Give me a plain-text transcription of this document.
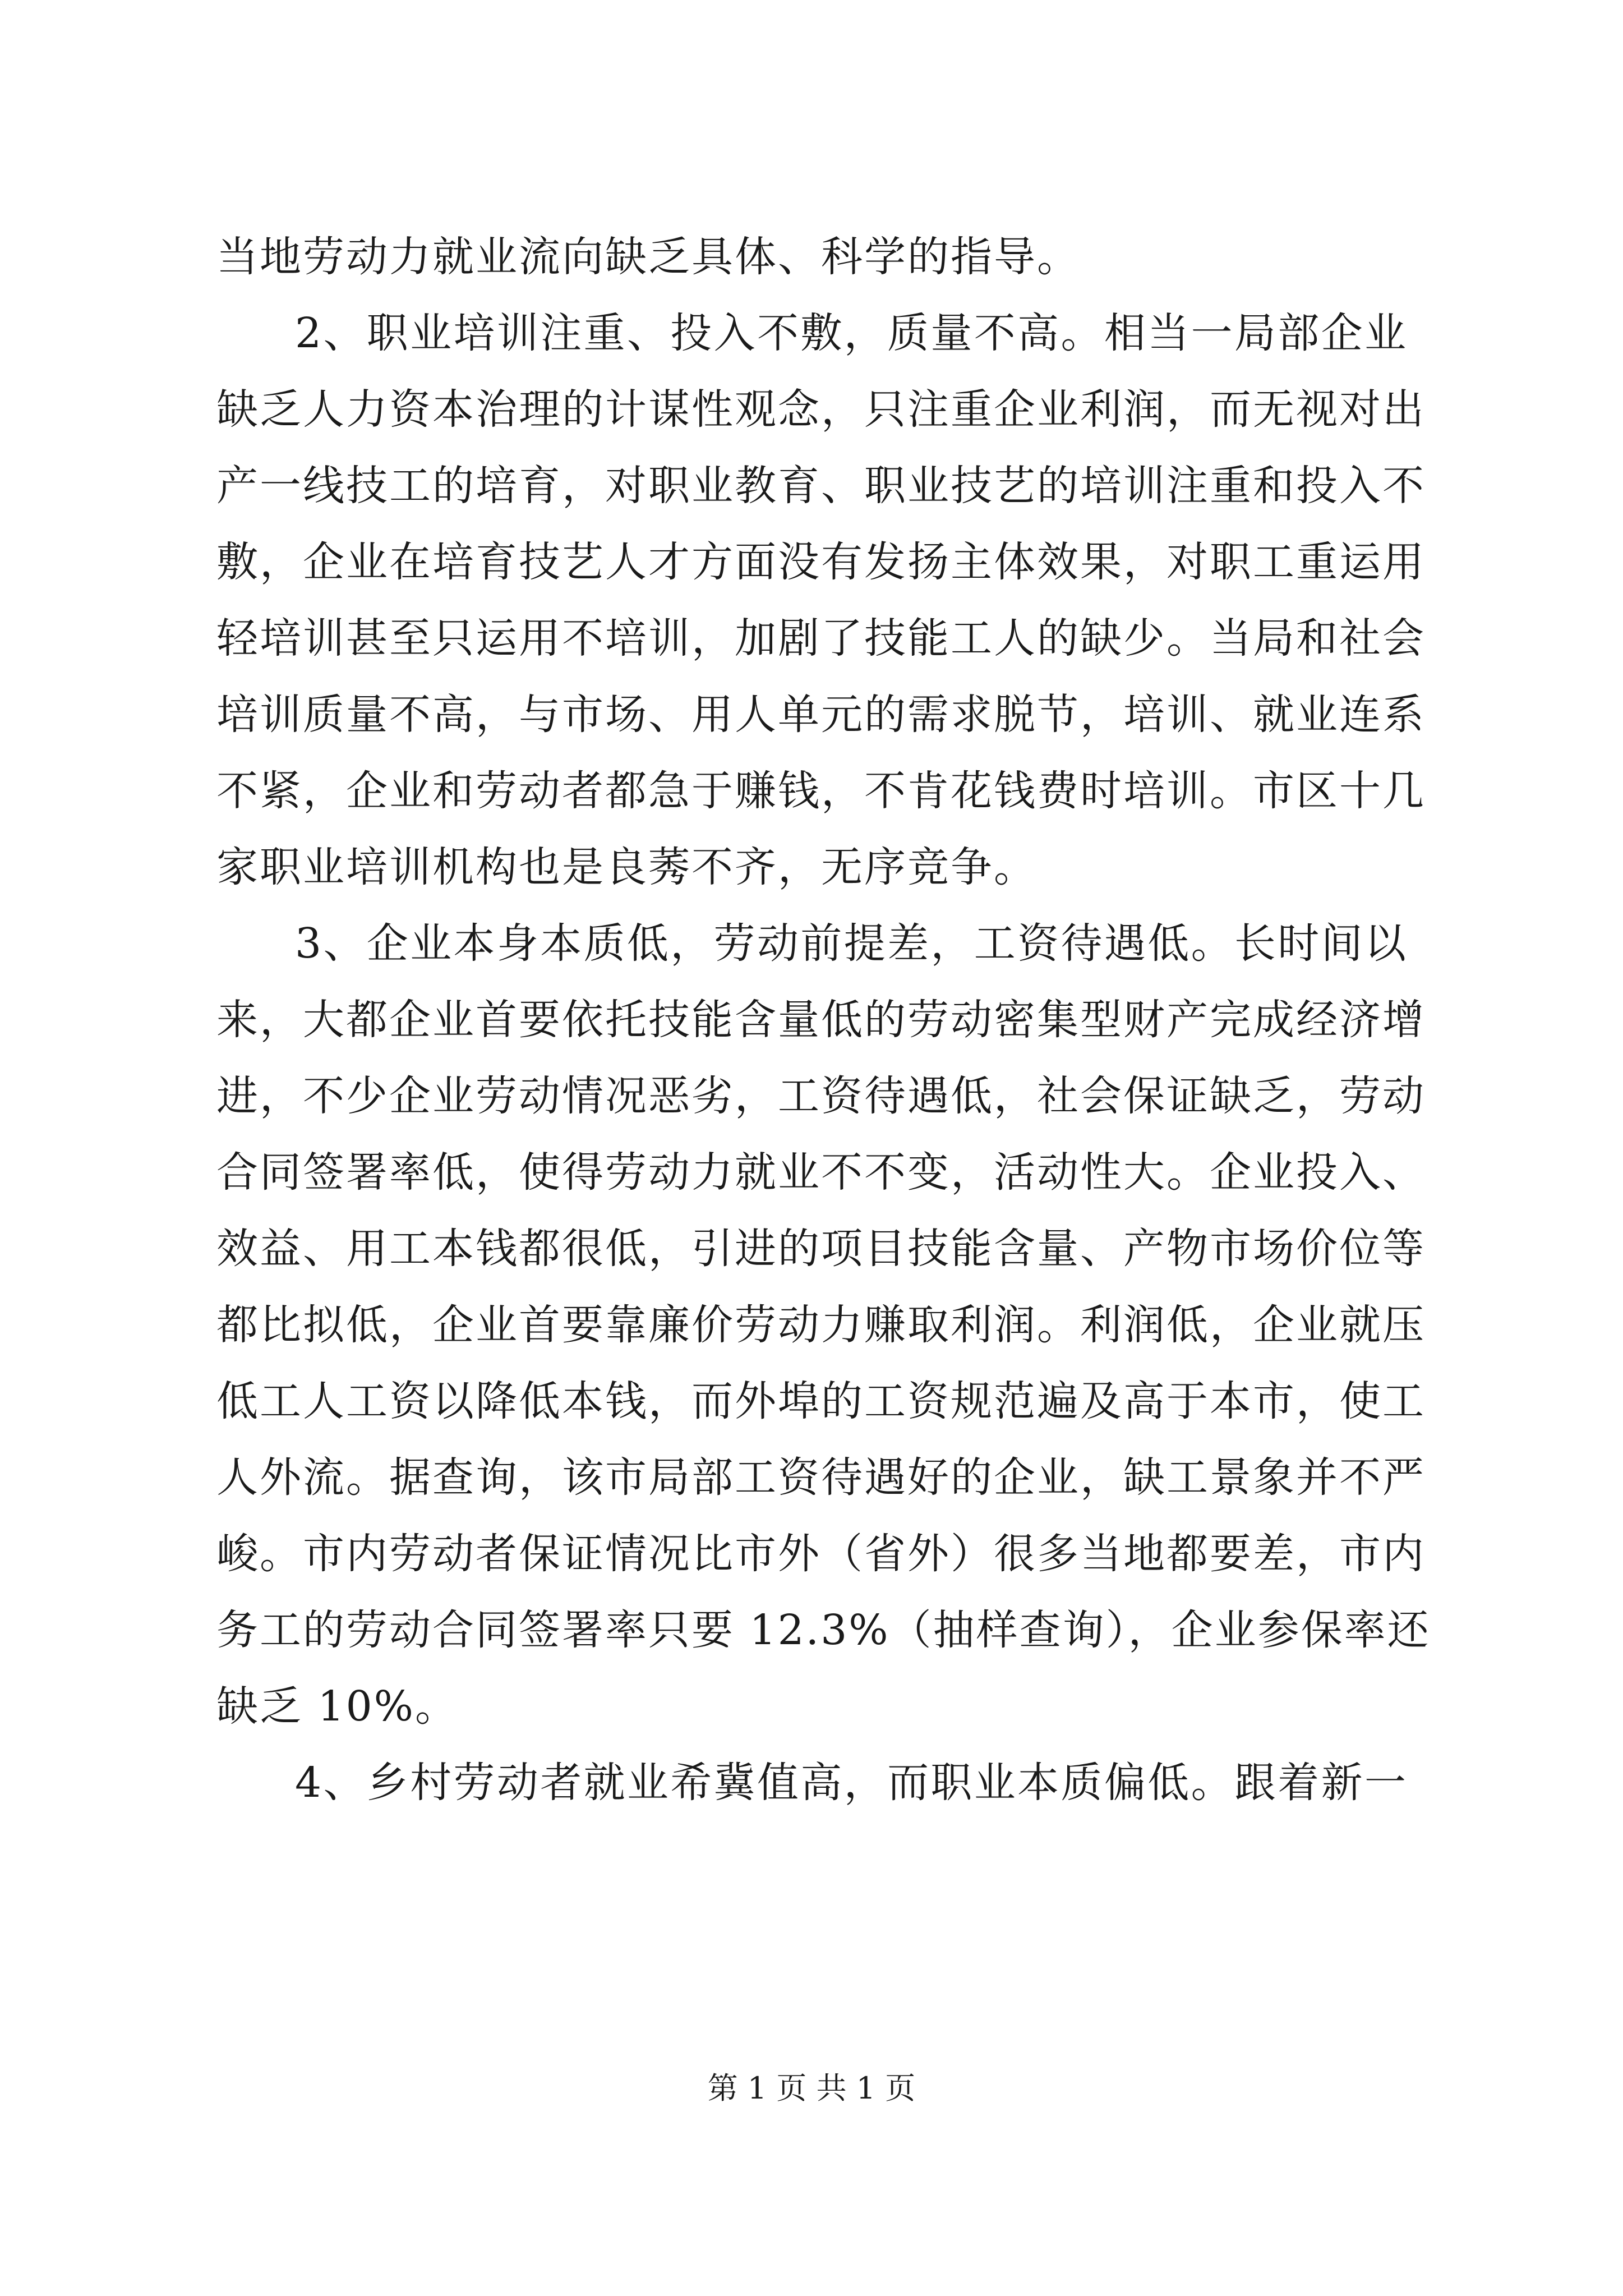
当地劳动力就业流向缺乏具体、科学的指导。
2、职业培训注重、投入不敷，质量不高。相当一局部企业
缺乏人力资本治理的计谋性观念，只注重企业利润，而无视对出
产一线技工的培育，对职业教育、职业技艺的培训注重和投入不
敷，企业在培育技艺人才方面没有发扬主体效果，对职工重运用
轻培训甚至只运用不培训，加剧了技能工人的缺少。当局和社会
培训质量不高，与市场、用人单元的需求脱节，培训、就业连系
不紧，企业和劳动者都急于赚钱，不肯花钱费时培训。市区十几
家职业培训机构也是良莠不齐，无序竞争。
3、企业本身本质低，劳动前提差，工资待遇低。长时间以
来，大都企业首要依托技能含量低的劳动密集型财产完成经济增
进，不少企业劳动情况恶劣，工资待遇低，社会保证缺乏，劳动
合同签署率低，使得劳动力就业不不变，活动性大。企业投入、
效益、用工本钱都很低，引进的项目技能含量、产物市场价位等
都比拟低，企业首要靠廉价劳动力赚取利润。利润低，企业就压
低工人工资以降低本钱，而外埠的工资规范遍及高于本市，使工
人外流。据查询，该市局部工资待遇好的企业，缺工景象并不严
峻。市内劳动者保证情况比市外（省外）很多当地都要差，市内
务工的劳动合同签署率只要 12.3%（抽样查询），企业参保率还
缺乏 10%。
4、乡村劳动者就业希冀值高，而职业本质偏低。跟着新一
第 1 页 共 1 页
